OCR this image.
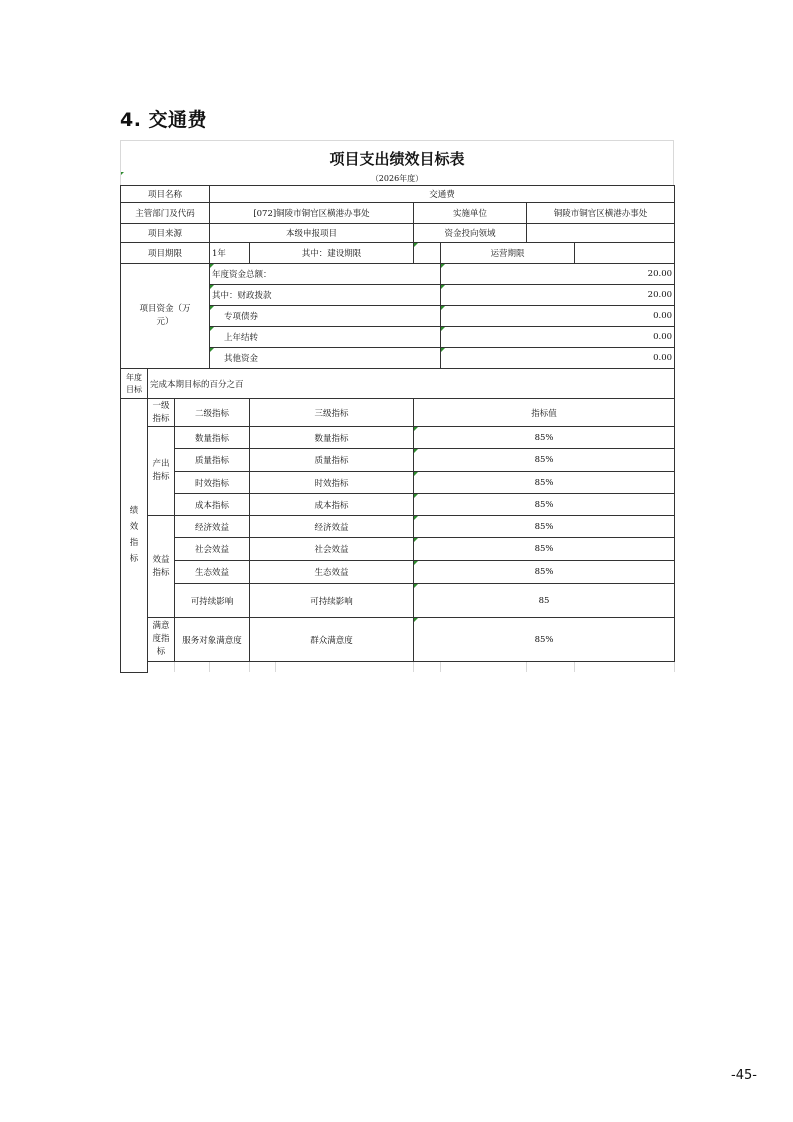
4. 交通费
项目支出绩效目标表
（2026年度）
项目名称			交通费							
主管部门及代码			[072]铜陵市铜官区横港办事处			实施单位		铜陵市铜官区横港办事处		
项目来源			本级申报项目			资金投向领域				
项目期限			1年	其中：建设期限			运营期限			
项目资金（万元）			年度资金总额：				20.00			

其中：财政拨款				20.00			

专项债券				0.00			

上年结转				0.00			

其他资金				0.00			
年度目标	完成本期目标的百分之百									
绩效指标	一级指标	二级指标		三级指标		指标值				
	产出指标	数量指标		数量指标		85%				
		质量指标		质量指标		85%				
		时效指标		时效指标		85%				
		成本指标		成本指标		85%				
	效益指标	经济效益		经济效益		85%				
		社会效益		社会效益		85%				
		生态效益		生态效益		85%				
		可持续影响		可持续影响		85				
	满意度指标	服务对象满意度		群众满意度		85%				

-45-
